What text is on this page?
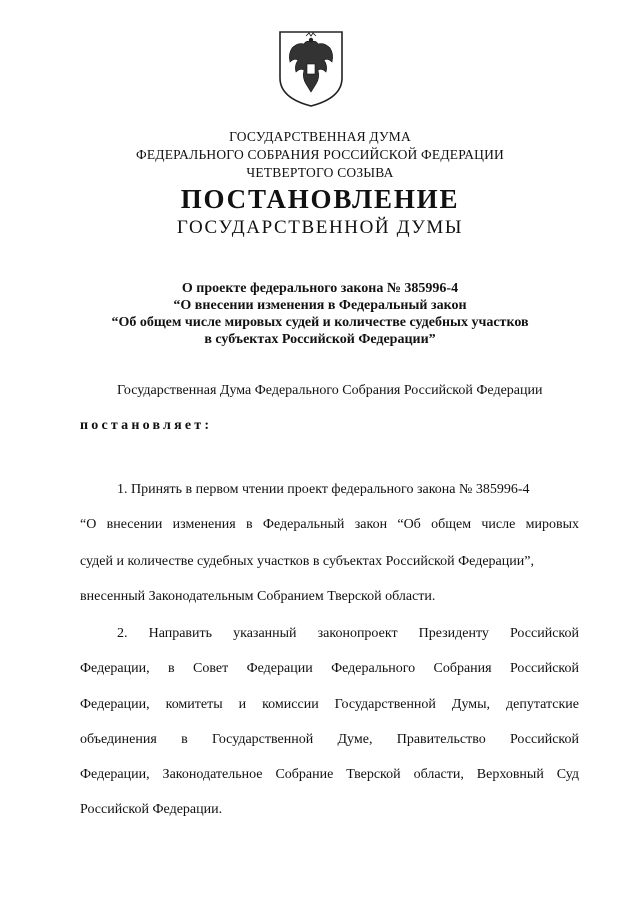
ГОСУДАРСТВЕННАЯ ДУМА
ФЕДЕРАЛЬНОГО СОБРАНИЯ РОССИЙСКОЙ ФЕДЕРАЦИИ
ЧЕТВЕРТОГО СОЗЫВА
ПОСТАНОВЛЕНИЕ
ГОСУДАРСТВЕННОЙ ДУМЫ
О проекте федерального закона № 385996-4
“О внесении изменения в Федеральный закон
“Об общем числе мировых судей и количестве судебных участков
в субъектах Российской Федерации”
Государственная Дума Федерального Собрания Российской Федерации
постановляет:
1. Принять в первом чтении проект федерального закона № 385996-4
“О внесении изменения в Федеральный закон “Об общем числе мировых
судей и количестве судебных участков в субъектах Российской Федерации”,
внесенный Законодательным Собранием Тверской области.
2. Направить указанный законопроект Президенту Российской
Федерации, в Совет Федерации Федерального Собрания Российской
Федерации, комитеты и комиссии Государственной Думы, депутатские
объединения в Государственной Думе, Правительство Российской
Федерации, Законодательное Собрание Тверской области, Верховный Суд
Российской Федерации.
